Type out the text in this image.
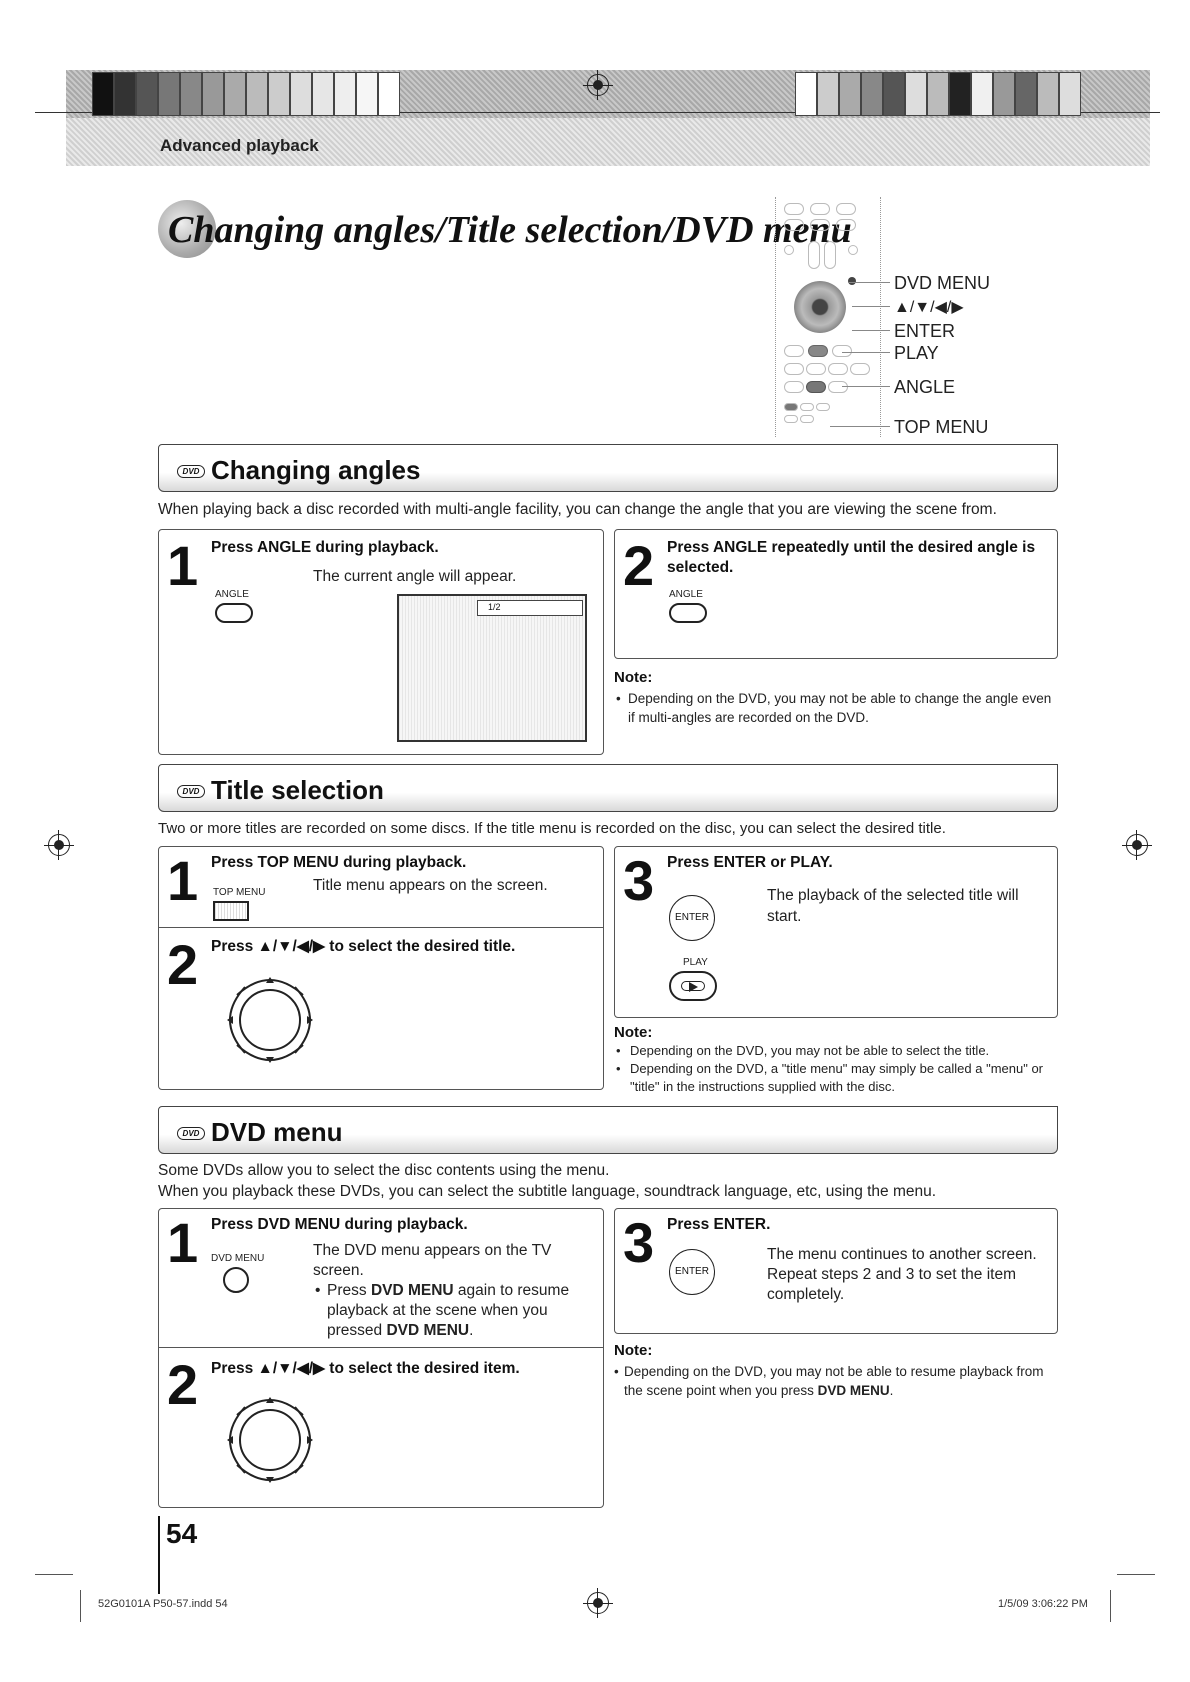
Advanced playback
Changing angles/Title selection/DVD menu
DVD MENU
▲/▼/◀/▶
ENTER
PLAY
ANGLE
TOP MENU
DVD Changing angles
When playing back a disc recorded with multi-angle facility, you can change the angle that you are viewing the scene from.
1 Press ANGLE during playback.
The current angle will appear.
ANGLE
1/2
2 Press ANGLE repeatedly until the desired angle is selected.
ANGLE
Note:
• Depending on the DVD, you may not be able to change the angle even if multi-angles are recorded on the DVD.
DVD Title selection
Two or more titles are recorded on some discs. If the title menu is recorded on the disc, you can select the desired title.
1 Press TOP MENU during playback.
Title menu appears on the screen.
TOP MENU
2 Press ▲/▼/◀/▶ to select the desired title.
3 Press ENTER or PLAY.
The playback of the selected title will start.
ENTER
PLAY
Note:
• Depending on the DVD, you may not be able to select the title.
• Depending on the DVD, a "title menu" may simply be called a "menu" or "title" in the instructions supplied with the disc.
DVD DVD menu
Some DVDs allow you to select the disc contents using the menu.
When you playback these DVDs, you can select the subtitle language, soundtrack language, etc, using the menu.
1 Press DVD MENU during playback.
The DVD menu appears on the TV screen.
• Press DVD MENU again to resume playback at the scene when you pressed DVD MENU.
DVD MENU
2 Press ▲/▼/◀/▶ to select the desired item.
3 Press ENTER.
The menu continues to another screen. Repeat steps 2 and 3 to set the item completely.
ENTER
Note:
• Depending on the DVD, you may not be able to resume playback from the scene point when you press DVD MENU.
54
52G0101A P50-57.indd 54	1/5/09 3:06:22 PM
